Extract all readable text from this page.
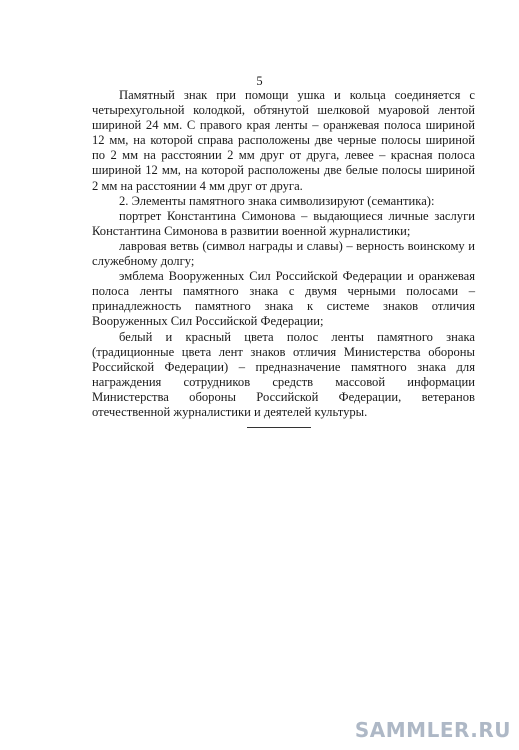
5

Памятный знак при помощи ушка и кольца соединяется с четырехугольной колодкой, обтянутой шелковой муаровой лентой шириной 24 мм. С правого края ленты – оранжевая полоса шириной 12 мм, на которой справа расположены две черные полосы шириной по 2 мм на расстоянии 2 мм друг от друга, левее – красная полоса шириной 12 мм, на которой расположены две белые полосы шириной 2 мм на расстоянии 4 мм друг от друга.

2. Элементы памятного знака символизируют (семантика):

портрет Константина Симонова – выдающиеся личные заслуги Константина Симонова в развитии военной журналистики;

лавровая ветвь (символ награды и славы) – верность воинскому и служебному долгу;

эмблема Вооруженных Сил Российской Федерации и оранжевая полоса ленты памятного знака с двумя черными полосами – принадлежность памятного знака к системе знаков отличия Вооруженных Сил Российской Федерации;

белый и красный цвета полос ленты памятного знака (традиционные цвета лент знаков отличия Министерства обороны Российской Федерации) – предназначение памятного знака для награждения сотрудников средств массовой информации Министерства обороны Российской Федерации, ветеранов отечественной журналистики и деятелей культуры.

SAMMLER.RU
